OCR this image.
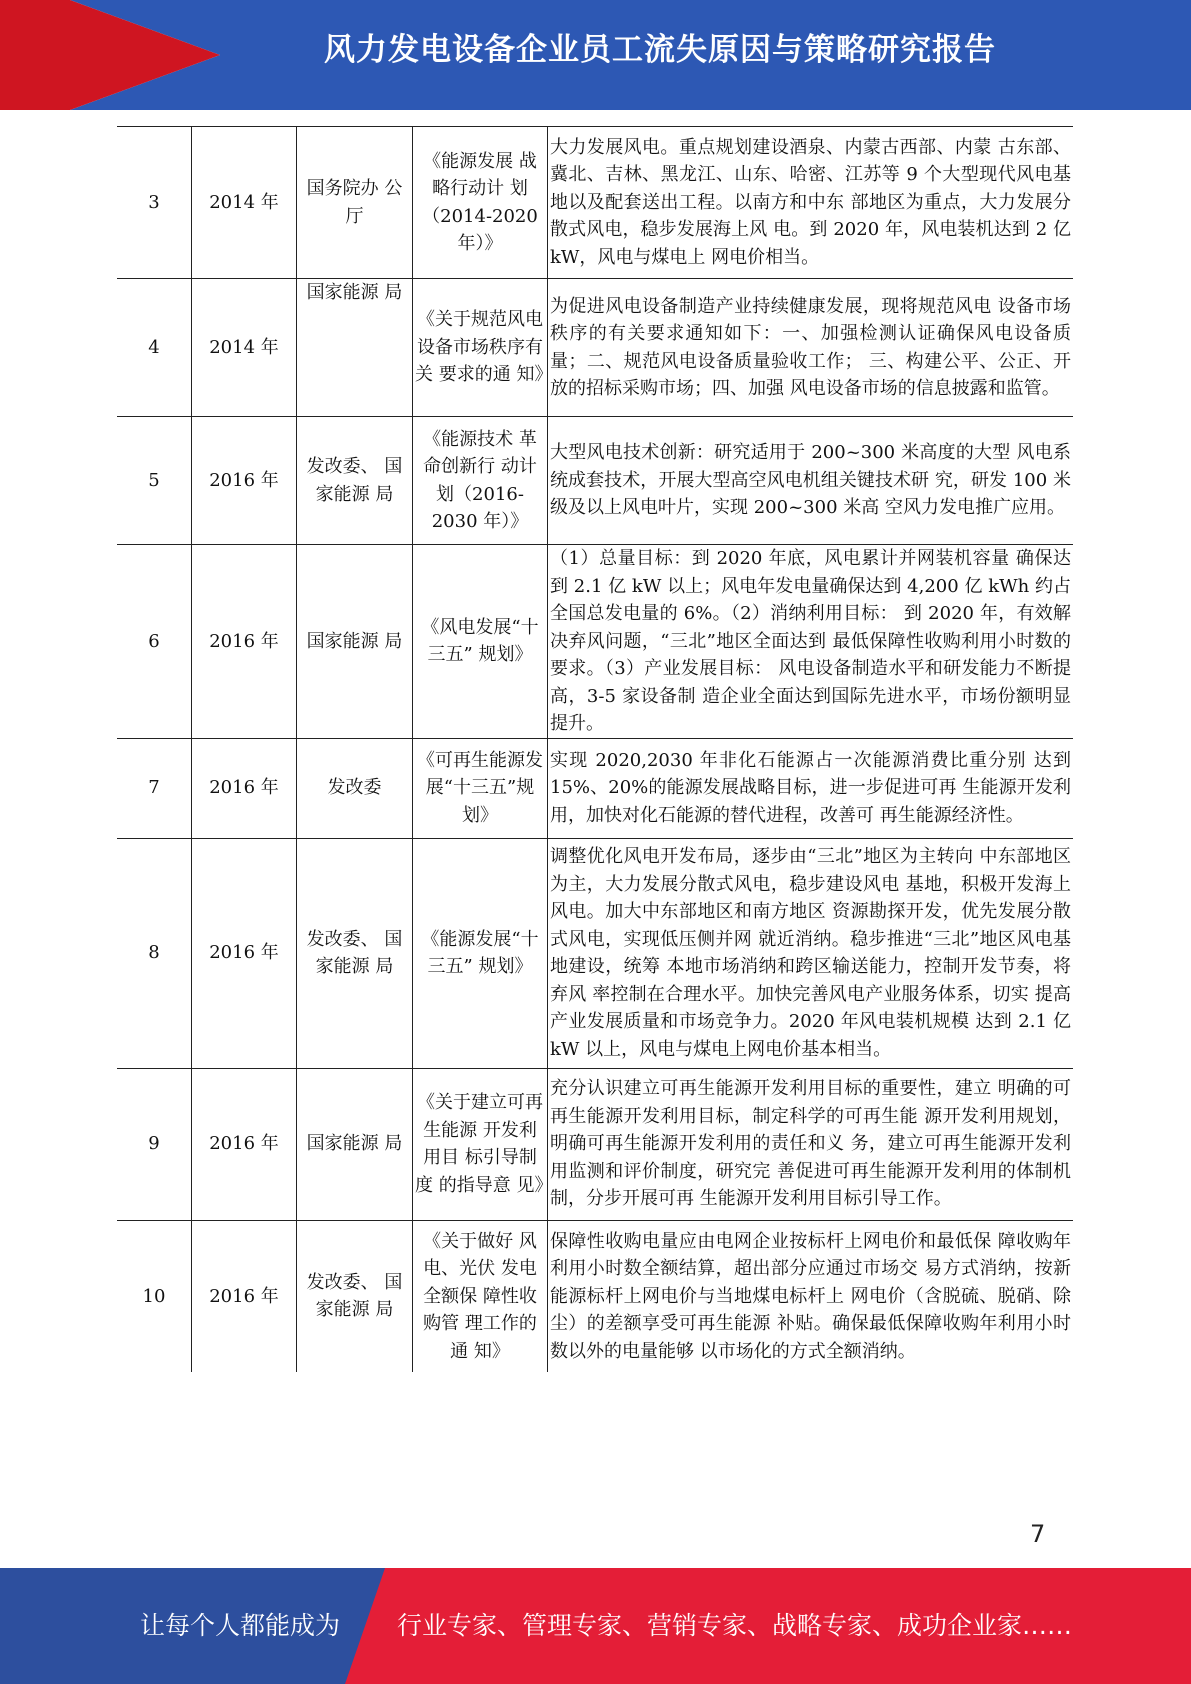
风力发电设备企业员工流失原因与策略研究报告
3	2014 年	国务院办 公厅	《能源发展 战略行动计 划（2014-2020 年）》	大力发展风电。重点规划建设酒泉、内蒙古西部、内蒙 古东部、冀北、吉林、黑龙江、山东、哈密、江苏等 9 个大型现代风电基地以及配套送出工程。以南方和中东 部地区为重点，大力发展分散式风电，稳步发展海上风 电。到 2020 年，风电装机达到 2 亿 kW，风电与煤电上 网电价相当。
4	2014 年	国家能源 局	《关于规范风电设备市场秩序有关 要求的通 知》	为促进风电设备制造产业持续健康发展，现将规范风电 设备市场秩序的有关要求通知如下：一、加强检测认证确保风电设备质量；二、规范风电设备质量验收工作； 三、构建公平、公正、开放的招标采购市场；四、加强 风电设备市场的信息披露和监管。
5	2016 年	发改委、 国家能源 局	《能源技术 革命创新行 动计划（2016-2030 年）》	大型风电技术创新：研究适用于 200~300 米高度的大型 风电系统成套技术，开展大型高空风电机组关键技术研 究，研发 100 米级及以上风电叶片，实现 200~300 米高 空风力发电推广应用。
6	2016 年	国家能源 局	《风电发展“十三五” 规划》	（1）总量目标：到 2020 年底，风电累计并网装机容量 确保达到 2.1 亿 kW 以上；风电年发电量确保达到 4,200 亿 kWh 约占全国总发电量的 6%。（2）消纳利用目标： 到 2020 年，有效解决弃风问题，“三北”地区全面达到 最低保障性收购利用小时数的要求。（3）产业发展目标： 风电设备制造水平和研发能力不断提高，3-5 家设备制 造企业全面达到国际先进水平，市场份额明显提升。
7	2016 年	发改委	《可再生能源发展“十三五”规 划》	实现 2020,2030 年非化石能源占一次能源消费比重分别 达到 15%、20%的能源发展战略目标，进一步促进可再 生能源开发利用，加快对化石能源的替代进程，改善可 再生能源经济性。
8	2016 年	发改委、 国家能源 局	《能源发展“十三五” 规划》	调整优化风电开发布局，逐步由“三北”地区为主转向 中东部地区为主，大力发展分散式风电，稳步建设风电 基地，积极开发海上风电。加大中东部地区和南方地区 资源勘探开发，优先发展分散式风电，实现低压侧并网 就近消纳。稳步推进“三北”地区风电基地建设，统筹 本地市场消纳和跨区输送能力，控制开发节奏，将弃风 率控制在合理水平。加快完善风电产业服务体系，切实 提高产业发展质量和市场竞争力。2020 年风电装机规模 达到 2.1 亿 kW 以上，风电与煤电上网电价基本相当。
9	2016 年	国家能源 局	《关于建立可再生能源 开发利用目 标引导制度 的指导意 见》	充分认识建立可再生能源开发利用目标的重要性，建立 明确的可再生能源开发利用目标，制定科学的可再生能 源开发利用规划，明确可再生能源开发利用的责任和义 务，建立可再生能源开发利用监测和评价制度，研究完 善促进可再生能源开发利用的体制机制，分步开展可再 生能源开发利用目标引导工作。
10	2016 年	发改委、 国家能源 局	《关于做好 风电、光伏 发电全额保 障性收购管 理工作的通 知》	保障性收购电量应由电网企业按标杆上网电价和最低保 障收购年利用小时数全额结算，超出部分应通过市场交 易方式消纳，按新能源标杆上网电价与当地煤电标杆上 网电价（含脱硫、脱硝、除尘）的差额享受可再生能源 补贴。确保最低保障收购年利用小时数以外的电量能够 以市场化的方式全额消纳。
7
让每个人都能成为 行业专家、管理专家、营销专家、战略专家、成功企业家……
